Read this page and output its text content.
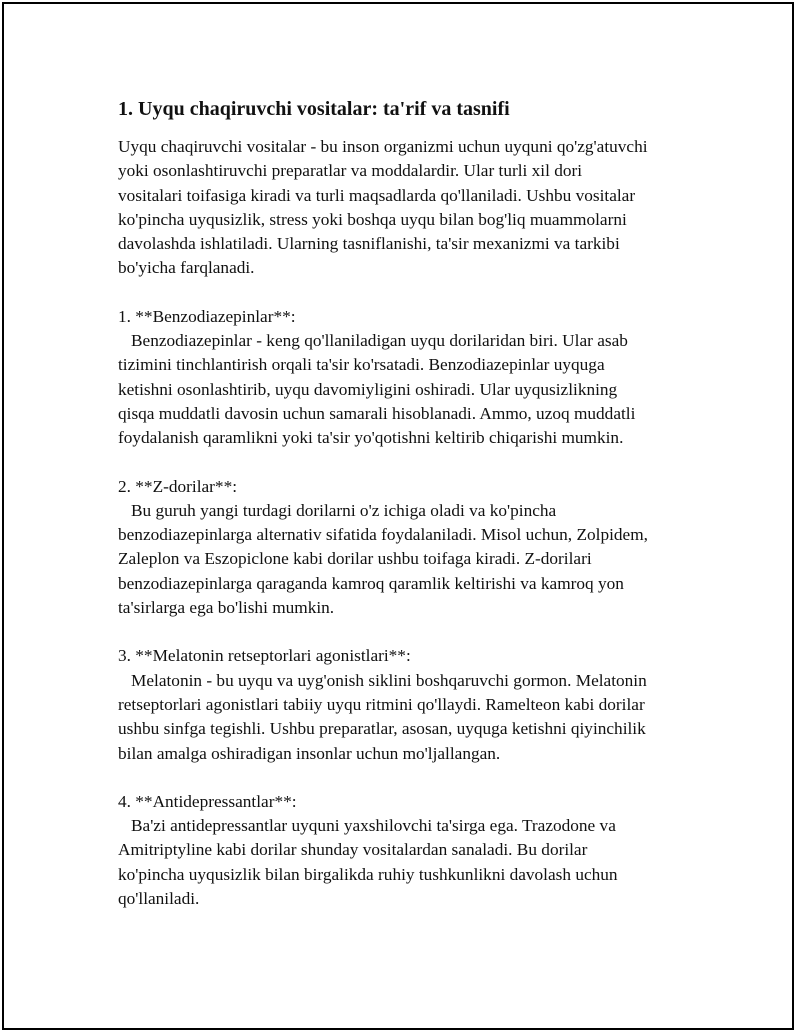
1. Uyqu chaqiruvchi vositalar: ta'rif va tasnifi

Uyqu chaqiruvchi vositalar - bu inson organizmi uchun uyquni qo'zg'atuvchi

yoki osonlashtiruvchi preparatlar va moddalardir. Ular turli xil dori

vositalari toifasiga kiradi va turli maqsadlarda qo'llaniladi. Ushbu vositalar

ko'pincha uyqusizlik, stress yoki boshqa uyqu bilan bog'liq muammolarni

davolashda ishlatiladi. Ularning tasniflanishi, ta'sir mexanizmi va tarkibi

bo'yicha farqlanadi.

1. **Benzodiazepinlar**:

Benzodiazepinlar - keng qo'llaniladigan uyqu dorilaridan biri. Ular asab

tizimini tinchlantirish orqali ta'sir ko'rsatadi. Benzodiazepinlar uyquga

ketishni osonlashtirib, uyqu davomiyligini oshiradi. Ular uyqusizlikning

qisqa muddatli davosin uchun samarali hisoblanadi. Ammo, uzoq muddatli

foydalanish qaramlikni yoki ta'sir yo'qotishni keltirib chiqarishi mumkin.

2. **Z-dorilar**:

Bu guruh yangi turdagi dorilarni o'z ichiga oladi va ko'pincha

benzodiazepinlarga alternativ sifatida foydalaniladi. Misol uchun, Zolpidem,

Zaleplon va Eszopiclone kabi dorilar ushbu toifaga kiradi. Z-dorilari

benzodiazepinlarga qaraganda kamroq qaramlik keltirishi va kamroq yon

ta'sirlarga ega bo'lishi mumkin.

3. **Melatonin retseptorlari agonistlari**:

Melatonin - bu uyqu va uyg'onish siklini boshqaruvchi gormon. Melatonin

retseptorlari agonistlari tabiiy uyqu ritmini qo'llaydi. Ramelteon kabi dorilar

ushbu sinfga tegishli. Ushbu preparatlar, asosan, uyquga ketishni qiyinchilik

bilan amalga oshiradigan insonlar uchun mo'ljallangan.

4. **Antidepressantlar**:

Ba'zi antidepressantlar uyquni yaxshilovchi ta'sirga ega. Trazodone va

Amitriptyline kabi dorilar shunday vositalardan sanaladi. Bu dorilar

ko'pincha uyqusizlik bilan birgalikda ruhiy tushkunlikni davolash uchun

qo'llaniladi.
